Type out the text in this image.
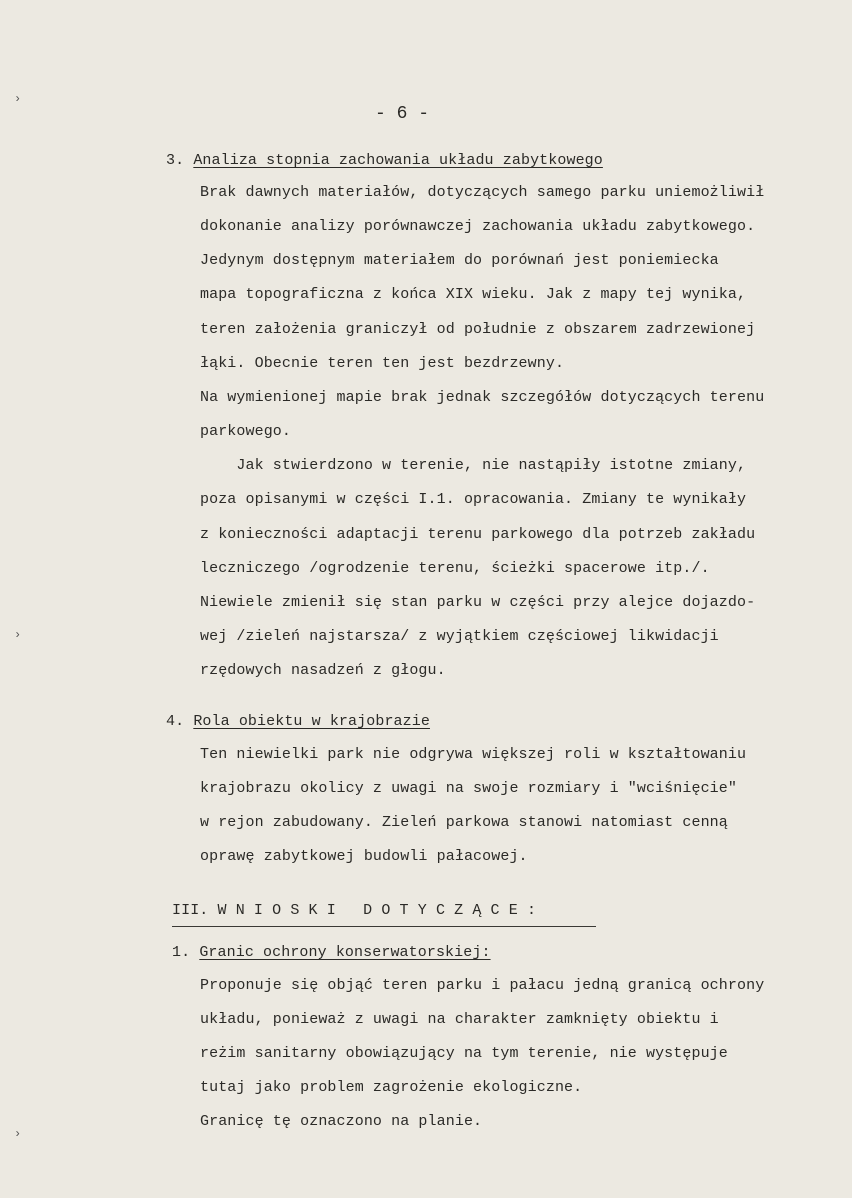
›
›
›
- 6 -
3. Analiza stopnia zachowania układu zabytkowego
Brak dawnych materiałów, dotyczących samego parku uniemożliwił
dokonanie analizy porównawczej zachowania układu zabytkowego.
Jedynym dostępnym materiałem do porównań jest poniemiecka
mapa topograficzna z końca XIX wieku. Jak z mapy tej wynika,
teren założenia graniczył od południe z obszarem zadrzewionej
łąki. Obecnie teren ten jest bezdrzewny.
Na wymienionej mapie brak jednak szczegółów dotyczących terenu
parkowego.
Jak stwierdzono w terenie, nie nastąpiły istotne zmiany,
poza opisanymi w części I.1. opracowania. Zmiany te wynikały
z konieczności adaptacji terenu parkowego dla potrzeb zakładu
leczniczego /ogrodzenie terenu, ścieżki spacerowe itp./.
Niewiele zmienił się stan parku w części przy alejce dojazdo-
wej /zieleń najstarsza/ z wyjątkiem częściowej likwidacji
rzędowych nasadzeń z głogu.
4. Rola obiektu w krajobrazie
Ten niewielki park nie odgrywa większej roli w kształtowaniu
krajobrazu okolicy z uwagi na swoje rozmiary i "wciśnięcie"
w rejon zabudowany. Zieleń parkowa stanowi natomiast cenną
oprawę zabytkowej budowli pałacowej.
III. W N I O S K I   D O T Y C Z Ą C E :
1. Granic ochrony konserwatorskiej:
Proponuje się objąć teren parku i pałacu jedną granicą ochrony
układu, ponieważ z uwagi na charakter zamknięty obiektu i
reżim sanitarny obowiązujący na tym terenie, nie występuje
tutaj jako problem zagrożenie ekologiczne.
Granicę tę oznaczono na planie.
